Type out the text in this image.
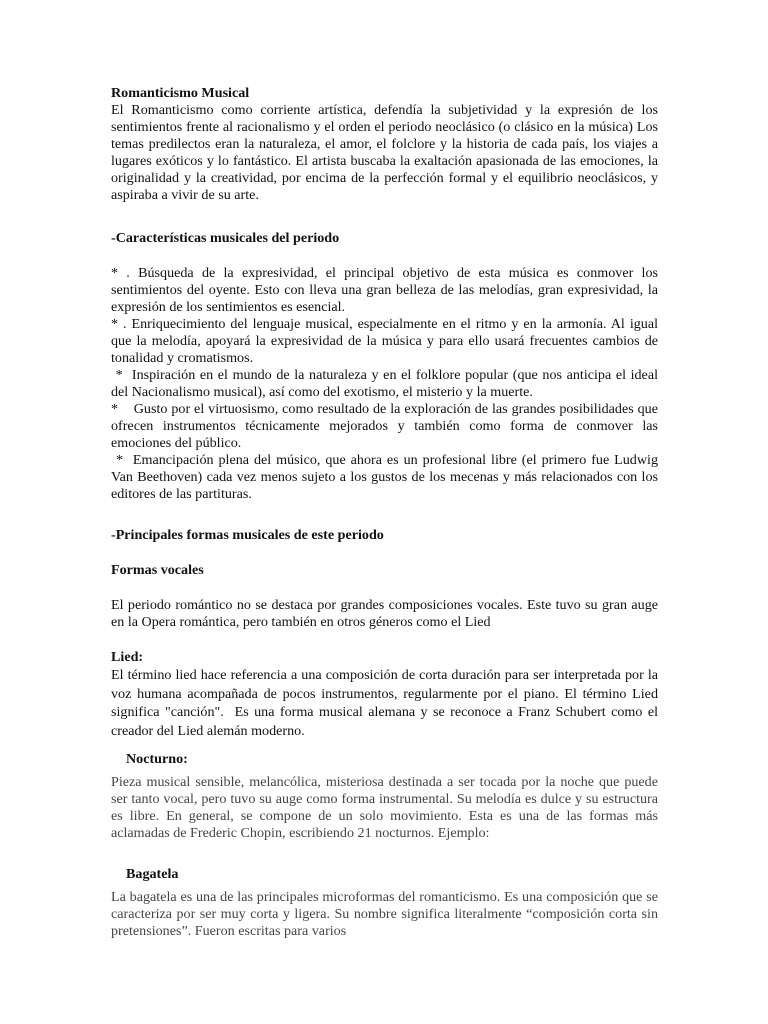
Romanticismo Musical

El Romanticismo como corriente artística, defendía la subjetividad y la expresión de los sentimientos frente al racionalismo y el orden el periodo neoclásico (o clásico en la música) Los temas predilectos eran la naturaleza, el amor, el folclore y la historia de cada país, los viajes a lugares exóticos y lo fantástico. El artista buscaba la exaltación apasionada de las emociones, la originalidad y la creatividad, por encima de la perfección formal y el equilibrio neoclásicos, y aspiraba a vivir de su arte.

-Características musicales del periodo

* . Búsqueda de la expresividad, el principal objetivo de esta música es conmover los sentimientos del oyente. Esto con lleva una gran belleza de las melodías, gran expresividad, la expresión de los sentimientos es esencial.

* . Enriquecimiento del lenguaje musical, especialmente en el ritmo y en la armonía. Al igual que la melodía, apoyará la expresividad de la música y para ello usará frecuentes cambios de tonalidad y cromatismos.

*  Inspiración en el mundo de la naturaleza y en el folklore popular (que nos anticipa el ideal del Nacionalismo musical), así como del exotismo, el misterio y la muerte.

*    Gusto por el virtuosismo, como resultado de la exploración de las grandes posibilidades que ofrecen instrumentos técnicamente mejorados y también como forma de conmover las emociones del público.

*  Emancipación plena del músico, que ahora es un profesional libre (el primero fue Ludwig Van Beethoven) cada vez menos sujeto a los gustos de los mecenas y más relacionados con los editores de las partituras.

-Principales formas musicales de este periodo

Formas vocales

El periodo romántico no se destaca por grandes composiciones vocales. Este tuvo su gran auge en la Opera romántica, pero también en otros géneros como el Lied

Lied:

El término lied hace referencia a una composición de corta duración para ser interpretada por la voz humana acompañada de pocos instrumentos, regularmente por el piano. El término Lied significa "canción".  Es una forma musical alemana y se reconoce a Franz Schubert como el creador del Lied alemán moderno.

Nocturno:

Pieza musical sensible, melancólica, misteriosa destinada a ser tocada por la noche que puede ser tanto vocal, pero tuvo su auge como forma instrumental. Su melodía es dulce y su estructura es libre. En general, se compone de un solo movimiento. Esta es una de las formas más aclamadas de Frederic Chopin, escribiendo 21 nocturnos. Ejemplo:

Bagatela

La bagatela es una de las principales microformas del romanticismo. Es una composición que se caracteriza por ser muy corta y ligera. Su nombre significa literalmente “composición corta sin pretensiones”. Fueron escritas para varios
